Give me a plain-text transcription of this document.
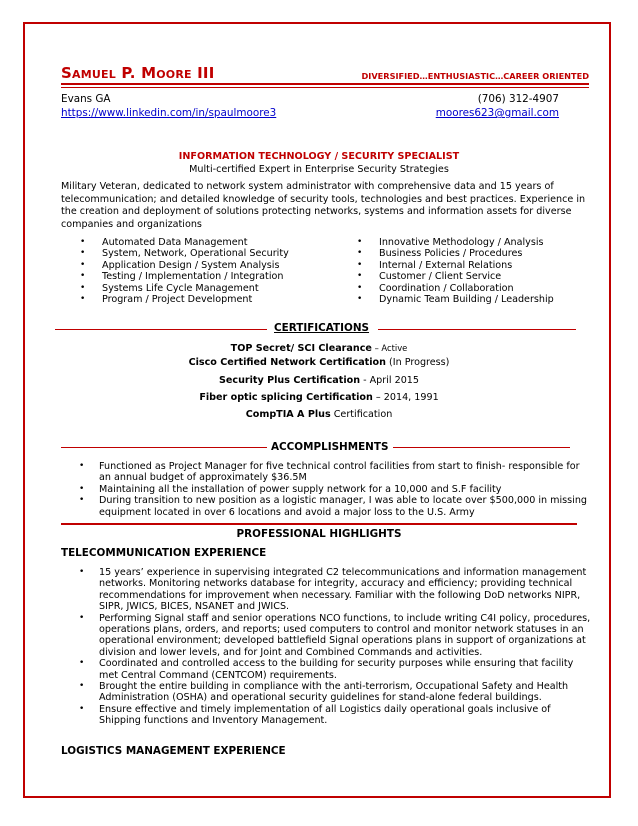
Samuel P. Moore III	DIVERSIFIED…ENTHUSIASTIC…CAREER ORIENTED
Evans GA	(706) 312-4907
https://www.linkedin.com/in/spaulmoore3	moores623@gmail.com
INFORMATION TECHNOLOGY / SECURITY SPECIALIST
Multi-certified Expert in Enterprise Security Strategies
Military Veteran, dedicated to network system administrator with comprehensive data and 15 years of telecommunication; and detailed knowledge of security tools, technologies and best practices. Experience in the creation and deployment of solutions protecting networks, systems and information assets for diverse companies and organizations
• Automated Data Management
• System, Network, Operational Security
• Application Design / System Analysis
• Testing / Implementation / Integration
• Systems Life Cycle Management
• Program / Project Development
• Innovative Methodology / Analysis
• Business Policies / Procedures
• Internal / External Relations
• Customer / Client Service
• Coordination / Collaboration
• Dynamic Team Building / Leadership
CERTIFICATIONS
TOP Secret/ SCI Clearance – Active
Cisco Certified Network Certification (In Progress)
Security Plus Certification - April 2015
Fiber optic splicing Certification – 2014, 1991
CompTIA A Plus Certification
ACCOMPLISHMENTS
• Functioned as Project Manager for five technical control facilities from start to finish- responsible for an annual budget of approximately $36.5M
• Maintaining all the installation of power supply network for a 10,000 and S.F facility
• During transition to new position as a logistic manager, I was able to locate over $500,000 in missing equipment located in over 6 locations and avoid a major loss to the U.S. Army
PROFESSIONAL HIGHLIGHTS
TELECOMMUNICATION EXPERIENCE
• 15 years’ experience in supervising integrated C2 telecommunications and information management networks. Monitoring networks database for integrity, accuracy and efficiency; providing technical recommendations for improvement when necessary. Familiar with the following DoD networks NIPR, SIPR, JWICS, BICES, NSANET and JWICS.
• Performing Signal staff and senior operations NCO functions, to include writing C4I policy, procedures, operations plans, orders, and reports; used computers to control and monitor network statuses in an operational environment; developed battlefield Signal operations plans in support of organizations at division and lower levels, and for Joint and Combined Commands and activities.
• Coordinated and controlled access to the building for security purposes while ensuring that facility met Central Command (CENTCOM) requirements.
• Brought the entire building in compliance with the anti-terrorism, Occupational Safety and Health Administration (OSHA) and operational security guidelines for stand-alone federal buildings.
• Ensure effective and timely implementation of all Logistics daily operational goals inclusive of Shipping functions and Inventory Management.
LOGISTICS MANAGEMENT EXPERIENCE
